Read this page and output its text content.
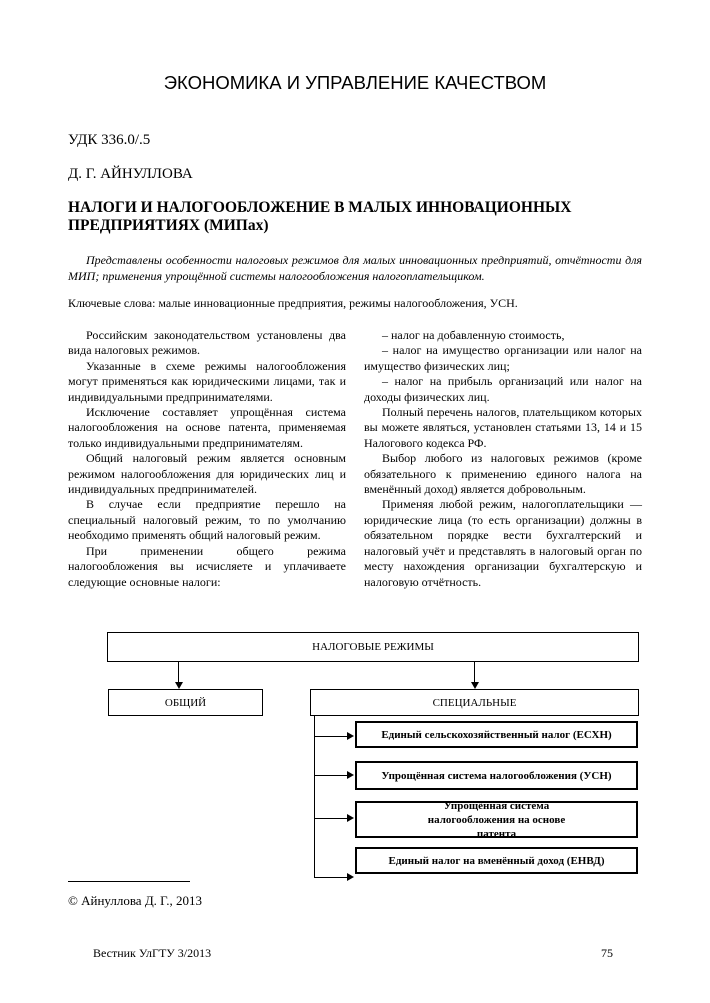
ЭКОНОМИКА И УПРАВЛЕНИЕ КАЧЕСТВОМ
УДК 336.0/.5
Д. Г. АЙНУЛЛОВА
НАЛОГИ И НАЛОГООБЛОЖЕНИЕ В МАЛЫХ ИННОВАЦИОННЫХ ПРЕДПРИЯТИЯХ (МИПах)
Представлены особенности налоговых режимов для малых инновационных предприятий, отчётности для МИП; применения упрощённой системы налогообложения налогоплательщиком.
Ключевые слова: малые инновационные предприятия, режимы налогообложения, УСН.

Российским законодательством установлены два вида налоговых режимов.

Указанные в схеме режимы налогообложения могут применяться как юридическими лицами, так и индивидуальными предпринимателями.

Исключение составляет упрощённая система налогообложения на основе патента, применяемая только индивидуальными предпринимателям.

Общий налоговый режим является основным режимом налогообложения для юридических лиц и индивидуальных предпринимателей.

В случае если предприятие перешло на специальный налоговый режим, то по умолчанию необходимо применять общий налоговый режим.

При применении общего режима налогообложения вы исчисляете и уплачиваете следующие основные налоги:

– налог на добавленную стоимость,

– налог на имущество организации или налог на имущество физических лиц;

– налог на прибыль организаций или налог на доходы физических лиц.

Полный перечень налогов, плательщиком которых вы можете являться, установлен статьями 13, 14 и 15 Налогового кодекса РФ.

Выбор любого из налоговых режимов (кроме обязательного к применению единого налога на вменённый доход) является добровольным.

Применяя любой режим, налогоплательщики — юридические лица (то есть организации) должны в обязательном порядке вести бухгалтерский и налоговый учёт и представлять в налоговый орган по месту нахождения организации бухгалтерскую и налоговую отчётность.

НАЛОГОВЫЕ РЕЖИМЫ
ОБЩИЙ	СПЕЦИАЛЬНЫЕ
Единый сельскохозяйственный налог (ЕСХН)
Упрощённая система налогообложения (УСН)
Упрощённая система налогообложения на основе патента
Единый налог на вменённый доход (ЕНВД)
© Айнуллова Д. Г., 2013
Вестник УлГТУ 3/2013	75
